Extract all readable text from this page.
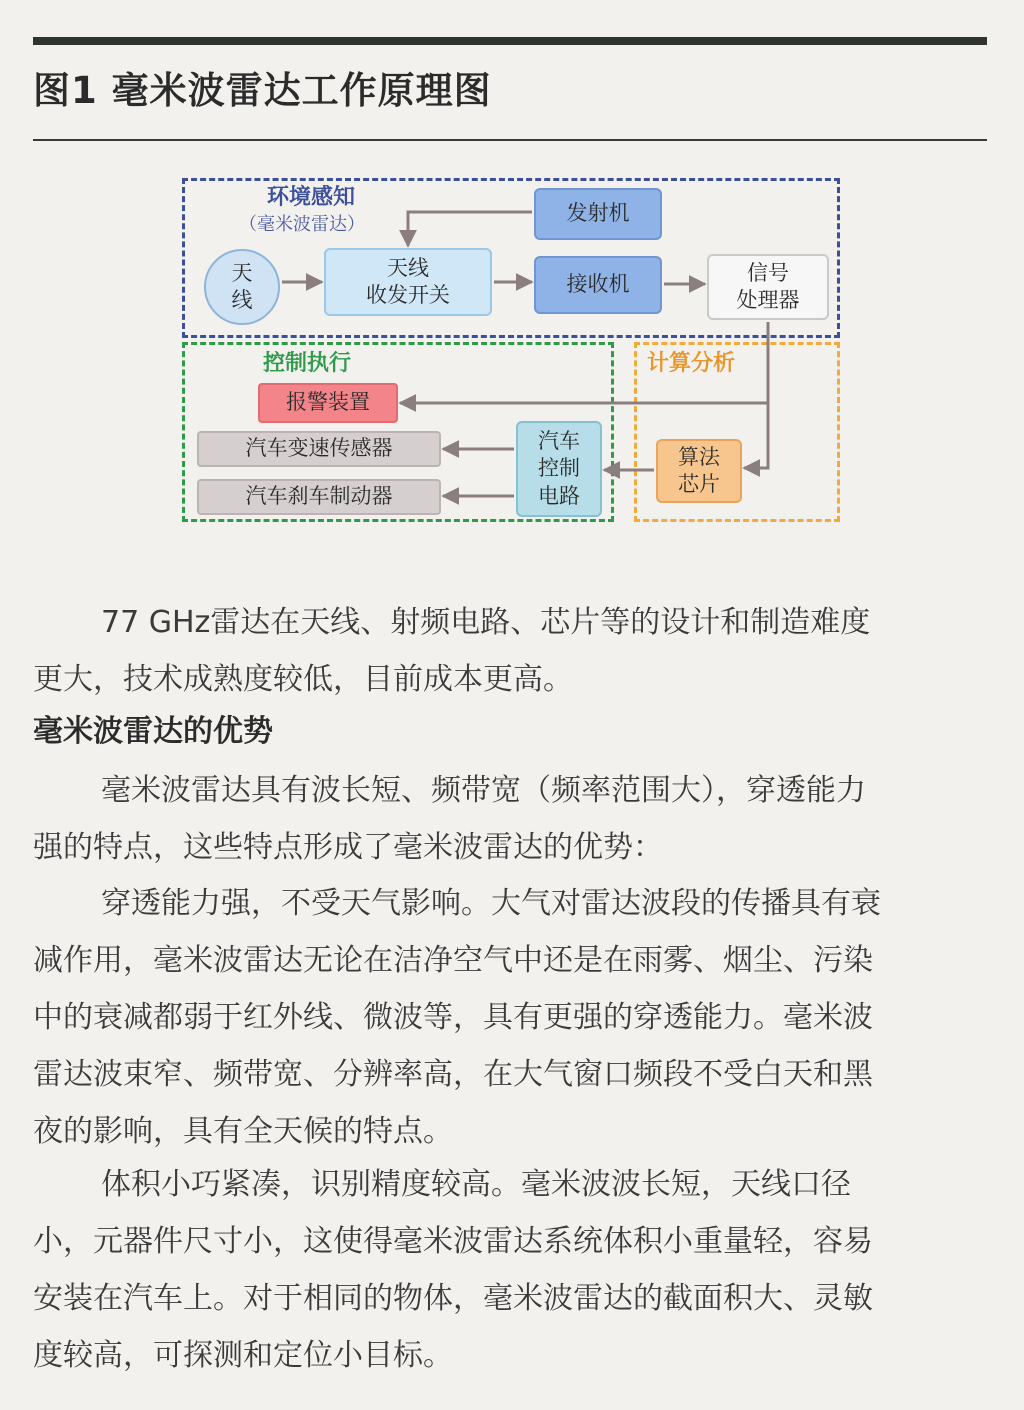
图1 毫米波雷达工作原理图
环境感知
（毫米波雷达）
控制执行	计算分析
天
线
天线
收发开关
发射机
接收机	信号
处理器
报警装置
汽车变速传感器
汽车刹车制动器
汽车
控制
电路
算法
芯片
77 GHz雷达在天线、射频电路、芯片等的设计和制造难度
更大，技术成熟度较低，目前成本更高。
毫米波雷达的优势
毫米波雷达具有波长短、频带宽（频率范围大），穿透能力
强的特点，这些特点形成了毫米波雷达的优势：
穿透能力强，不受天气影响。大气对雷达波段的传播具有衰
减作用，毫米波雷达无论在洁净空气中还是在雨雾、烟尘、污染
中的衰减都弱于红外线、微波等，具有更强的穿透能力。毫米波
雷达波束窄、频带宽、分辨率高，在大气窗口频段不受白天和黑
夜的影响，具有全天候的特点。
体积小巧紧凑，识别精度较高。毫米波波长短，天线口径
小，元器件尺寸小，这使得毫米波雷达系统体积小重量轻，容易
安装在汽车上。对于相同的物体，毫米波雷达的截面积大、灵敏
度较高，可探测和定位小目标。
